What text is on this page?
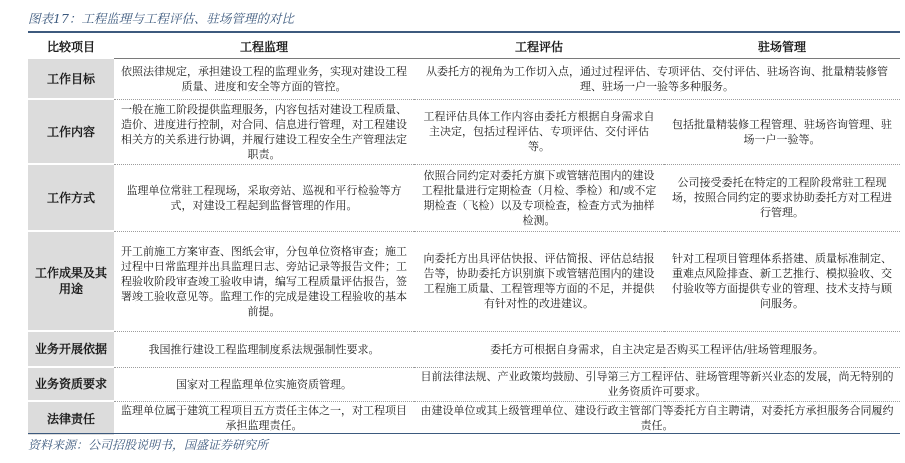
图表17：工程监理与工程评估、驻场管理的对比
比较项目	工程监理	工程评估	驻场管理
工作目标	依照法律规定，承担建设工程的监理业务，实现对建设工程质量、进度和安全等方面的管控。	从委托方的视角为工作切入点，通过过程评估、专项评估、交付评估、驻场咨询、批量精装修管理、驻场一户一验等多种服务。	
工作内容	一般在施工阶段提供监理服务，内容包括对建设工程质量、造价、进度进行控制，对合同、信息进行管理，对工程建设相关方的关系进行协调，并履行建设工程安全生产管理法定职责。	工程评估具体工作内容由委托方根据自身需求自主决定，包括过程评估、专项评估、交付评估等。	包括批量精装修工程管理、驻场咨询管理、驻场一户一验等。
工作方式	监理单位常驻工程现场，采取旁站、巡视和平行检验等方式，对建设工程起到监督管理的作用。	依照合同约定对委托方旗下或管辖范围内的建设工程批量进行定期检查（月检、季检）和/或不定期检查（飞检）以及专项检查，检查方式为抽样检测。	公司接受委托在特定的工程阶段常驻工程现场，按照合同约定的要求协助委托方对工程进行管理。
工作成果及其用途	开工前施工方案审查、图纸会审，分包单位资格审查；施工过程中日常监理并出具监理日志、旁站记录等报告文件；工程验收阶段审查竣工验收申请，编写工程质量评估报告，签署竣工验收意见等。监理工作的完成是建设工程验收的基本前提。	向委托方出具评估快报、评估简报、评估总结报告等，协助委托方识别旗下或管辖范围内的建设工程施工质量、工程管理等方面的不足，并提供有针对性的改进建议。	针对工程项目管理体系搭建、质量标准制定、重难点风险排查、新工艺推行、模拟验收、交付验收等方面提供专业的管理、技术支持与顾问服务。
业务开展依据	我国推行建设工程监理制度系法规强制性要求。	委托方可根据自身需求，自主决定是否购买工程评估/驻场管理服务。	
业务资质要求	国家对工程监理单位实施资质管理。	目前法律法规、产业政策均鼓励、引导第三方工程评估、驻场管理等新兴业态的发展，尚无特别的业务资质许可要求。	
法律责任	监理单位属于建筑工程项目五方责任主体之一，对工程项目承担监理责任。	由建设单位或其上级管理单位、建设行政主管部门等委托方自主聘请，对委托方承担服务合同履约责任。	
资料来源：公司招股说明书，国盛证券研究所
